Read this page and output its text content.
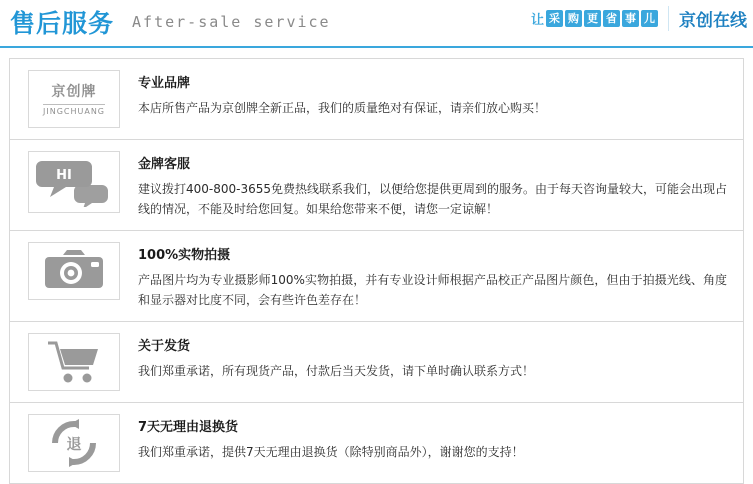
售后服务 After-sale service	让 采 购 更 省 事 儿	京创在线
京创牌
JINGCHUANG
专业品牌
本店所售产品为京创牌全新正品，我们的质量绝对有保证，请亲们放心购买！
HI
金牌客服
建议拨打400-800-3655免费热线联系我们，以便给您提供更周到的服务。由于每天咨询量较大，可能会出现占线的情况，不能及时给您回复。如果给您带来不便，请您一定谅解！
100%实物拍摄
产品图片均为专业摄影师100%实物拍摄，并有专业设计师根据产品校正产品图片颜色，但由于拍摄光线、角度和显示器对比度不同，会有些许色差存在！
关于发货
我们郑重承诺，所有现货产品，付款后当天发货，请下单时确认联系方式！
退
7天无理由退换货
我们郑重承诺，提供7天无理由退换货（除特别商品外），谢谢您的支持！
